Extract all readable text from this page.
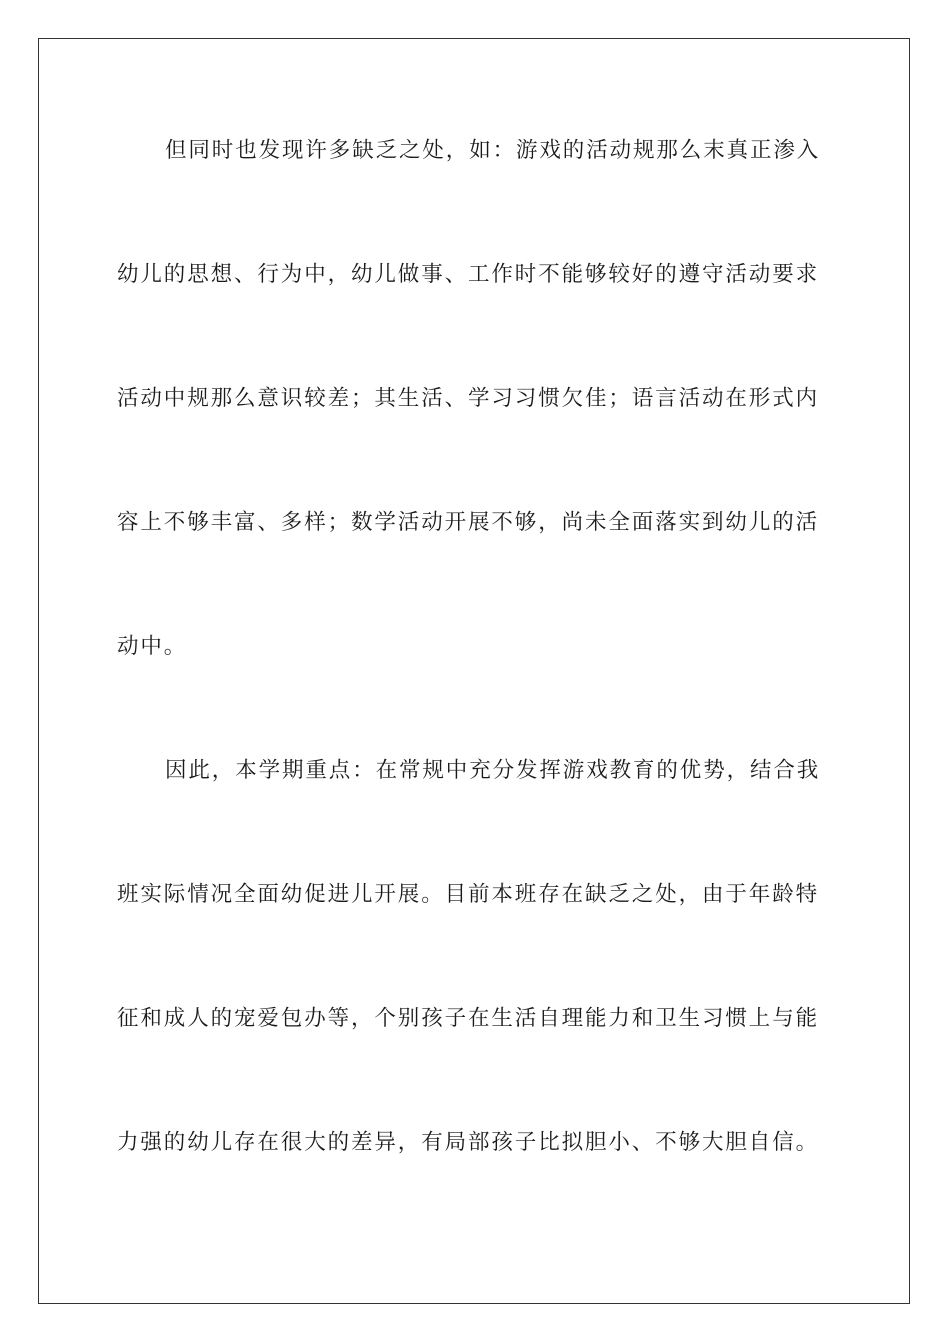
但同时也发现许多缺乏之处，如：游戏的活动规那么末真正渗入
幼儿的思想、行为中，幼儿做事、工作时不能够较好的遵守活动要求
活动中规那么意识较差；其生活、学习习惯欠佳；语言活动在形式内
容上不够丰富、多样；数学活动开展不够，尚未全面落实到幼儿的活
动中。
因此，本学期重点：在常规中充分发挥游戏教育的优势，结合我
班实际情况全面幼促进儿开展。目前本班存在缺乏之处，由于年龄特
征和成人的宠爱包办等，个别孩子在生活自理能力和卫生习惯上与能
力强的幼儿存在很大的差异，有局部孩子比拟胆小、不够大胆自信。
